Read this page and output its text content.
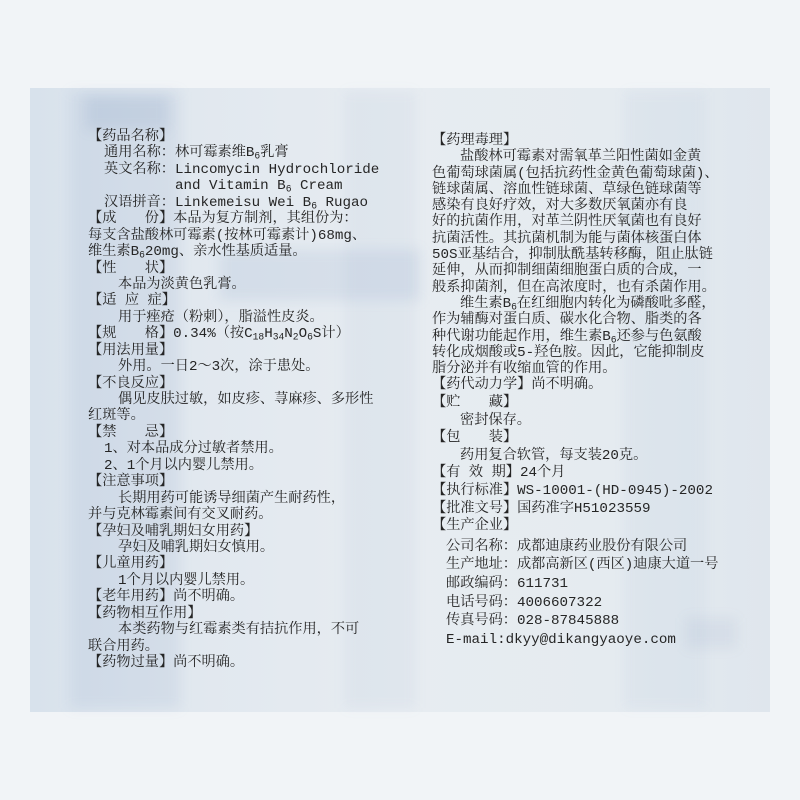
【药品名称】
通用名称：林可霉素维$B_6$乳膏
英文名称：Lincomycin Hydrochloride
and Vitamin $B_6$ Cream
汉语拼音：Linkemeisu Wei $B_6$ Rugao
【成　　份】本品为复方制剂，其组份为：
每支含盐酸林可霉素(按林可霉素计)68mg、
维生素$B_620mg$、亲水性基质适量。
【性　　状】
本品为淡黄色乳膏。
【适 应 症】
用于痤疮（粉刺），脂溢性皮炎。
【规　　格】0.34%（按$C_{18}H_{34}N_2O_6S$计）
【用法用量】
外用。一日2～3次，涂于患处。
【不良反应】
偶见皮肤过敏，如皮疹、荨麻疹、多形性
红斑等。
【禁　　忌】
1、对本品成分过敏者禁用。
2、1个月以内婴儿禁用。
【注意事项】
长期用药可能诱导细菌产生耐药性，
并与克林霉素间有交叉耐药。
【孕妇及哺乳期妇女用药】
孕妇及哺乳期妇女慎用。
【儿童用药】
1个月以内婴儿禁用。
【老年用药】尚不明确。
【药物相互作用】
本类药物与红霉素类有拮抗作用，不可
联合用药。
【药物过量】尚不明确。
【药理毒理】
盐酸林可霉素对需氧革兰阳性菌如金黄
色葡萄球菌属(包括抗药性金黄色葡萄球菌)、
链球菌属、溶血性链球菌、草绿色链球菌等
感染有良好疗效，对大多数厌氧菌亦有良
好的抗菌作用，对革兰阴性厌氧菌也有良好
抗菌活性。其抗菌机制为能与菌体核蛋白体
50S亚基结合，抑制肽酰基转移酶，阻止肽链
延伸，从而抑制细菌细胞蛋白质的合成，一
般系抑菌剂，但在高浓度时，也有杀菌作用。
维生素$B_6$在红细胞内转化为磷酸吡多醛，
作为辅酶对蛋白质、碳水化合物、脂类的各
种代谢功能起作用，维生素$B_6$还参与色氨酸
转化成烟酸或5-羟色胺。因此，它能抑制皮
脂分泌并有收缩血管的作用。
【药代动力学】尚不明确。
【贮　　藏】
密封保存。
【包　　装】
药用复合软管，每支装20克。
【有 效 期】24个月
【执行标准】WS-10001-(HD-0945)-2002
【批准文号】国药准字H51023559
【生产企业】
公司名称：成都迪康药业股份有限公司
生产地址：成都高新区(西区)迪康大道一号
邮政编码：611731
电话号码：4006607322
传真号码：028-87845888
E-mail:dkyy@dikangyaoye.com
